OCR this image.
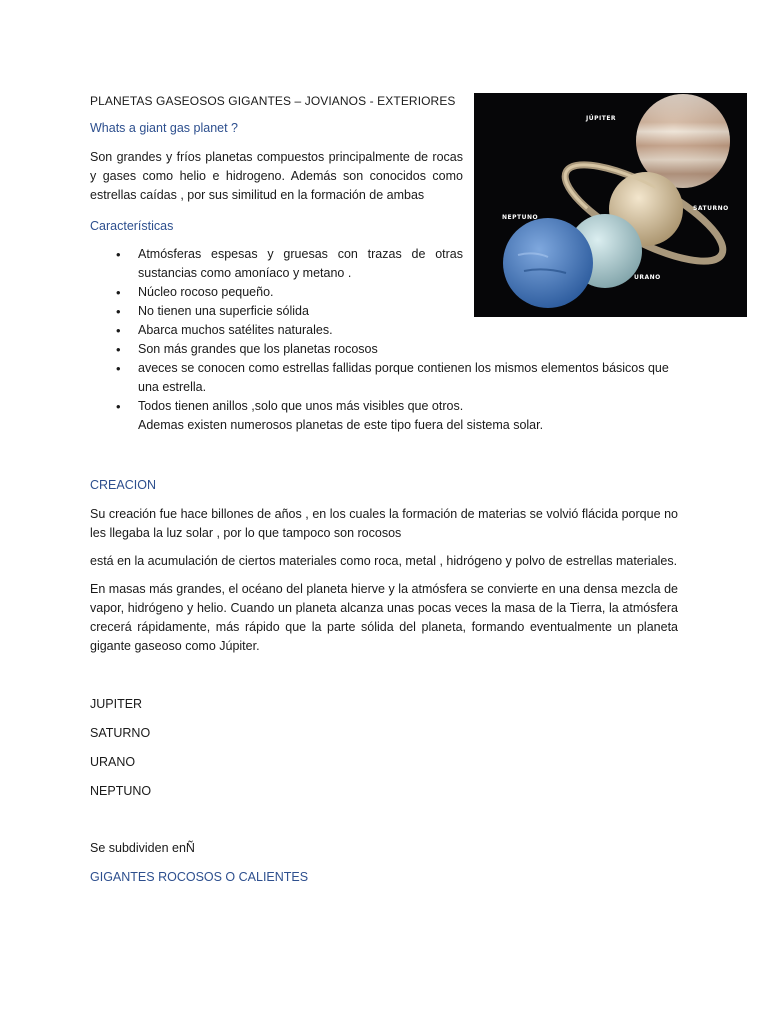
PLANETAS GASEOSOS GIGANTES – JOVIANOS - EXTERIORES

Whats a giant gas planet ?

Son grandes y fríos planetas compuestos principalmente de rocas y gases como helio e hidrogeno. Además son conocidos como estrellas caídas , por sus similitud en la formación de ambas

Características

• Atmósferas espesas y gruesas con trazas de otras sustancias como amoníaco y metano .
• Núcleo rocoso pequeño.
• No tienen una superficie sólida
• Abarca muchos satélites naturales.
• Son más grandes que los planetas rocosos
• aveces se conocen como estrellas fallidas porque contienen los mismos elementos básicos que una estrella.
• Todos tienen anillos ,solo que unos más visibles que otros.
Ademas existen numerosos planetas de este tipo fuera del sistema solar.

CREACION

Su creación fue hace billones de años , en los cuales la formación de materias se volvió flácida porque no les llegaba la luz solar , por lo que tampoco son rocosos

está en la acumulación de ciertos materiales como roca, metal , hidrógeno y polvo de estrellas materiales.

En masas más grandes, el océano del planeta hierve y la atmósfera se convierte en una densa mezcla de vapor, hidrógeno y helio. Cuando un planeta alcanza unas pocas veces la masa de la Tierra, la atmósfera crecerá rápidamente, más rápido que la parte sólida del planeta, formando eventualmente un planeta gigante gaseoso como Júpiter.

JUPITER

SATURNO

URANO

NEPTUNO

Se subdividen enÑ

GIGANTES ROCOSOS O CALIENTES

JÚPITER
SATURNO
NEPTUNO
URANO
